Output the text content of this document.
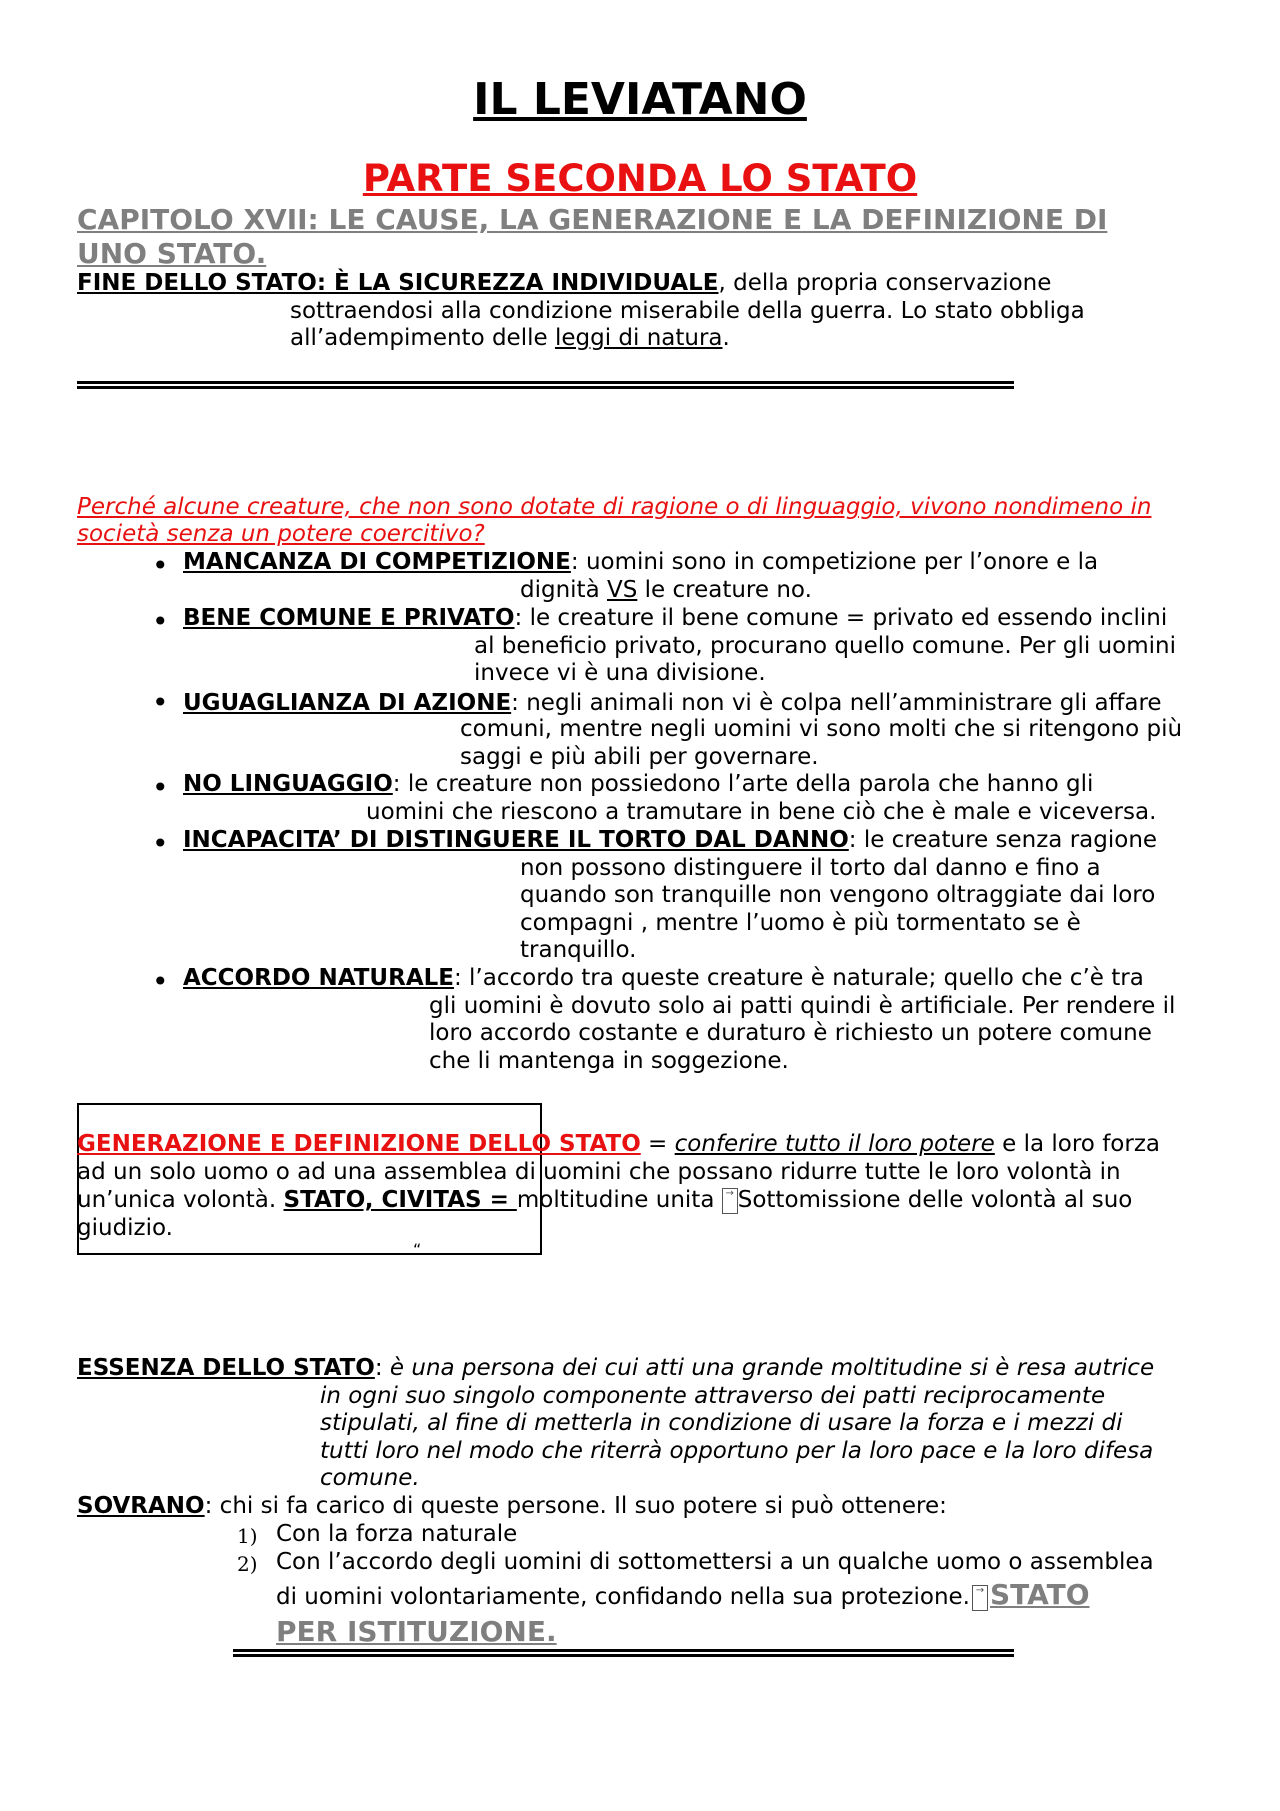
IL LEVIATANO
PARTE SECONDA LO STATO
CAPITOLO XVII: LE CAUSE, LA GENERAZIONE E LA DEFINIZIONE DI
UNO STATO.
FINE DELLO STATO: È LA SICUREZZA INDIVIDUALE, della propria conservazione
sottraendosi alla condizione miserabile della guerra. Lo stato obbliga
all’adempimento delle leggi di natura.
Perché alcune creature, che non sono dotate di ragione o di linguaggio, vivono nondimeno in
società senza un potere coercitivo?
• MANCANZA DI COMPETIZIONE: uomini sono in competizione per l’onore e la
dignità VS le creature no.
• BENE COMUNE E PRIVATO: le creature il bene comune = privato ed essendo inclini
al beneficio privato, procurano quello comune. Per gli uomini
invece vi è una divisione.
• UGUAGLIANZA DI AZIONE: negli animali non vi è colpa nell’amministrare gli affare
comuni, mentre negli uomini vi sono molti che si ritengono più
saggi e più abili per governare.
• NO LINGUAGGIO: le creature non possiedono l’arte della parola che hanno gli
uomini che riescono a tramutare in bene ciò che è male e viceversa.
• INCAPACITA’ DI DISTINGUERE IL TORTO DAL DANNO: le creature senza ragione
non possono distinguere il torto dal danno e fino a
quando son tranquille non vengono oltraggiate dai loro
compagni , mentre l’uomo è più tormentato se è
tranquillo.
• ACCORDO NATURALE: l’accordo tra queste creature è naturale; quello che c’è tra
gli uomini è dovuto solo ai patti quindi è artificiale. Per rendere il
loro accordo costante e duraturo è richiesto un potere comune
che li mantenga in soggezione.
GENERAZIONE E DEFINIZIONE DELLO STATO = conferire tutto il loro potere e la loro forza
ad un solo uomo o ad una assemblea di uomini che possano ridurre tutte le loro volontà in
un’unica volontà. STATO, CIVITAS = moltitudine unita → Sottomissione delle volontà al suo
giudizio.
“
ESSENZA DELLO STATO: è una persona dei cui atti una grande moltitudine si è resa autrice
in ogni suo singolo componente attraverso dei patti reciprocamente
stipulati, al fine di metterla in condizione di usare la forza e i mezzi di
tutti loro nel modo che riterrà opportuno per la loro pace e la loro difesa
comune.
SOVRANO: chi si fa carico di queste persone. Il suo potere si può ottenere:
1) Con la forza naturale
2) Con l’accordo degli uomini di sottomettersi a un qualche uomo o assemblea
di uomini volontariamente, confidando nella sua protezione. → STATO
PER ISTITUZIONE.
